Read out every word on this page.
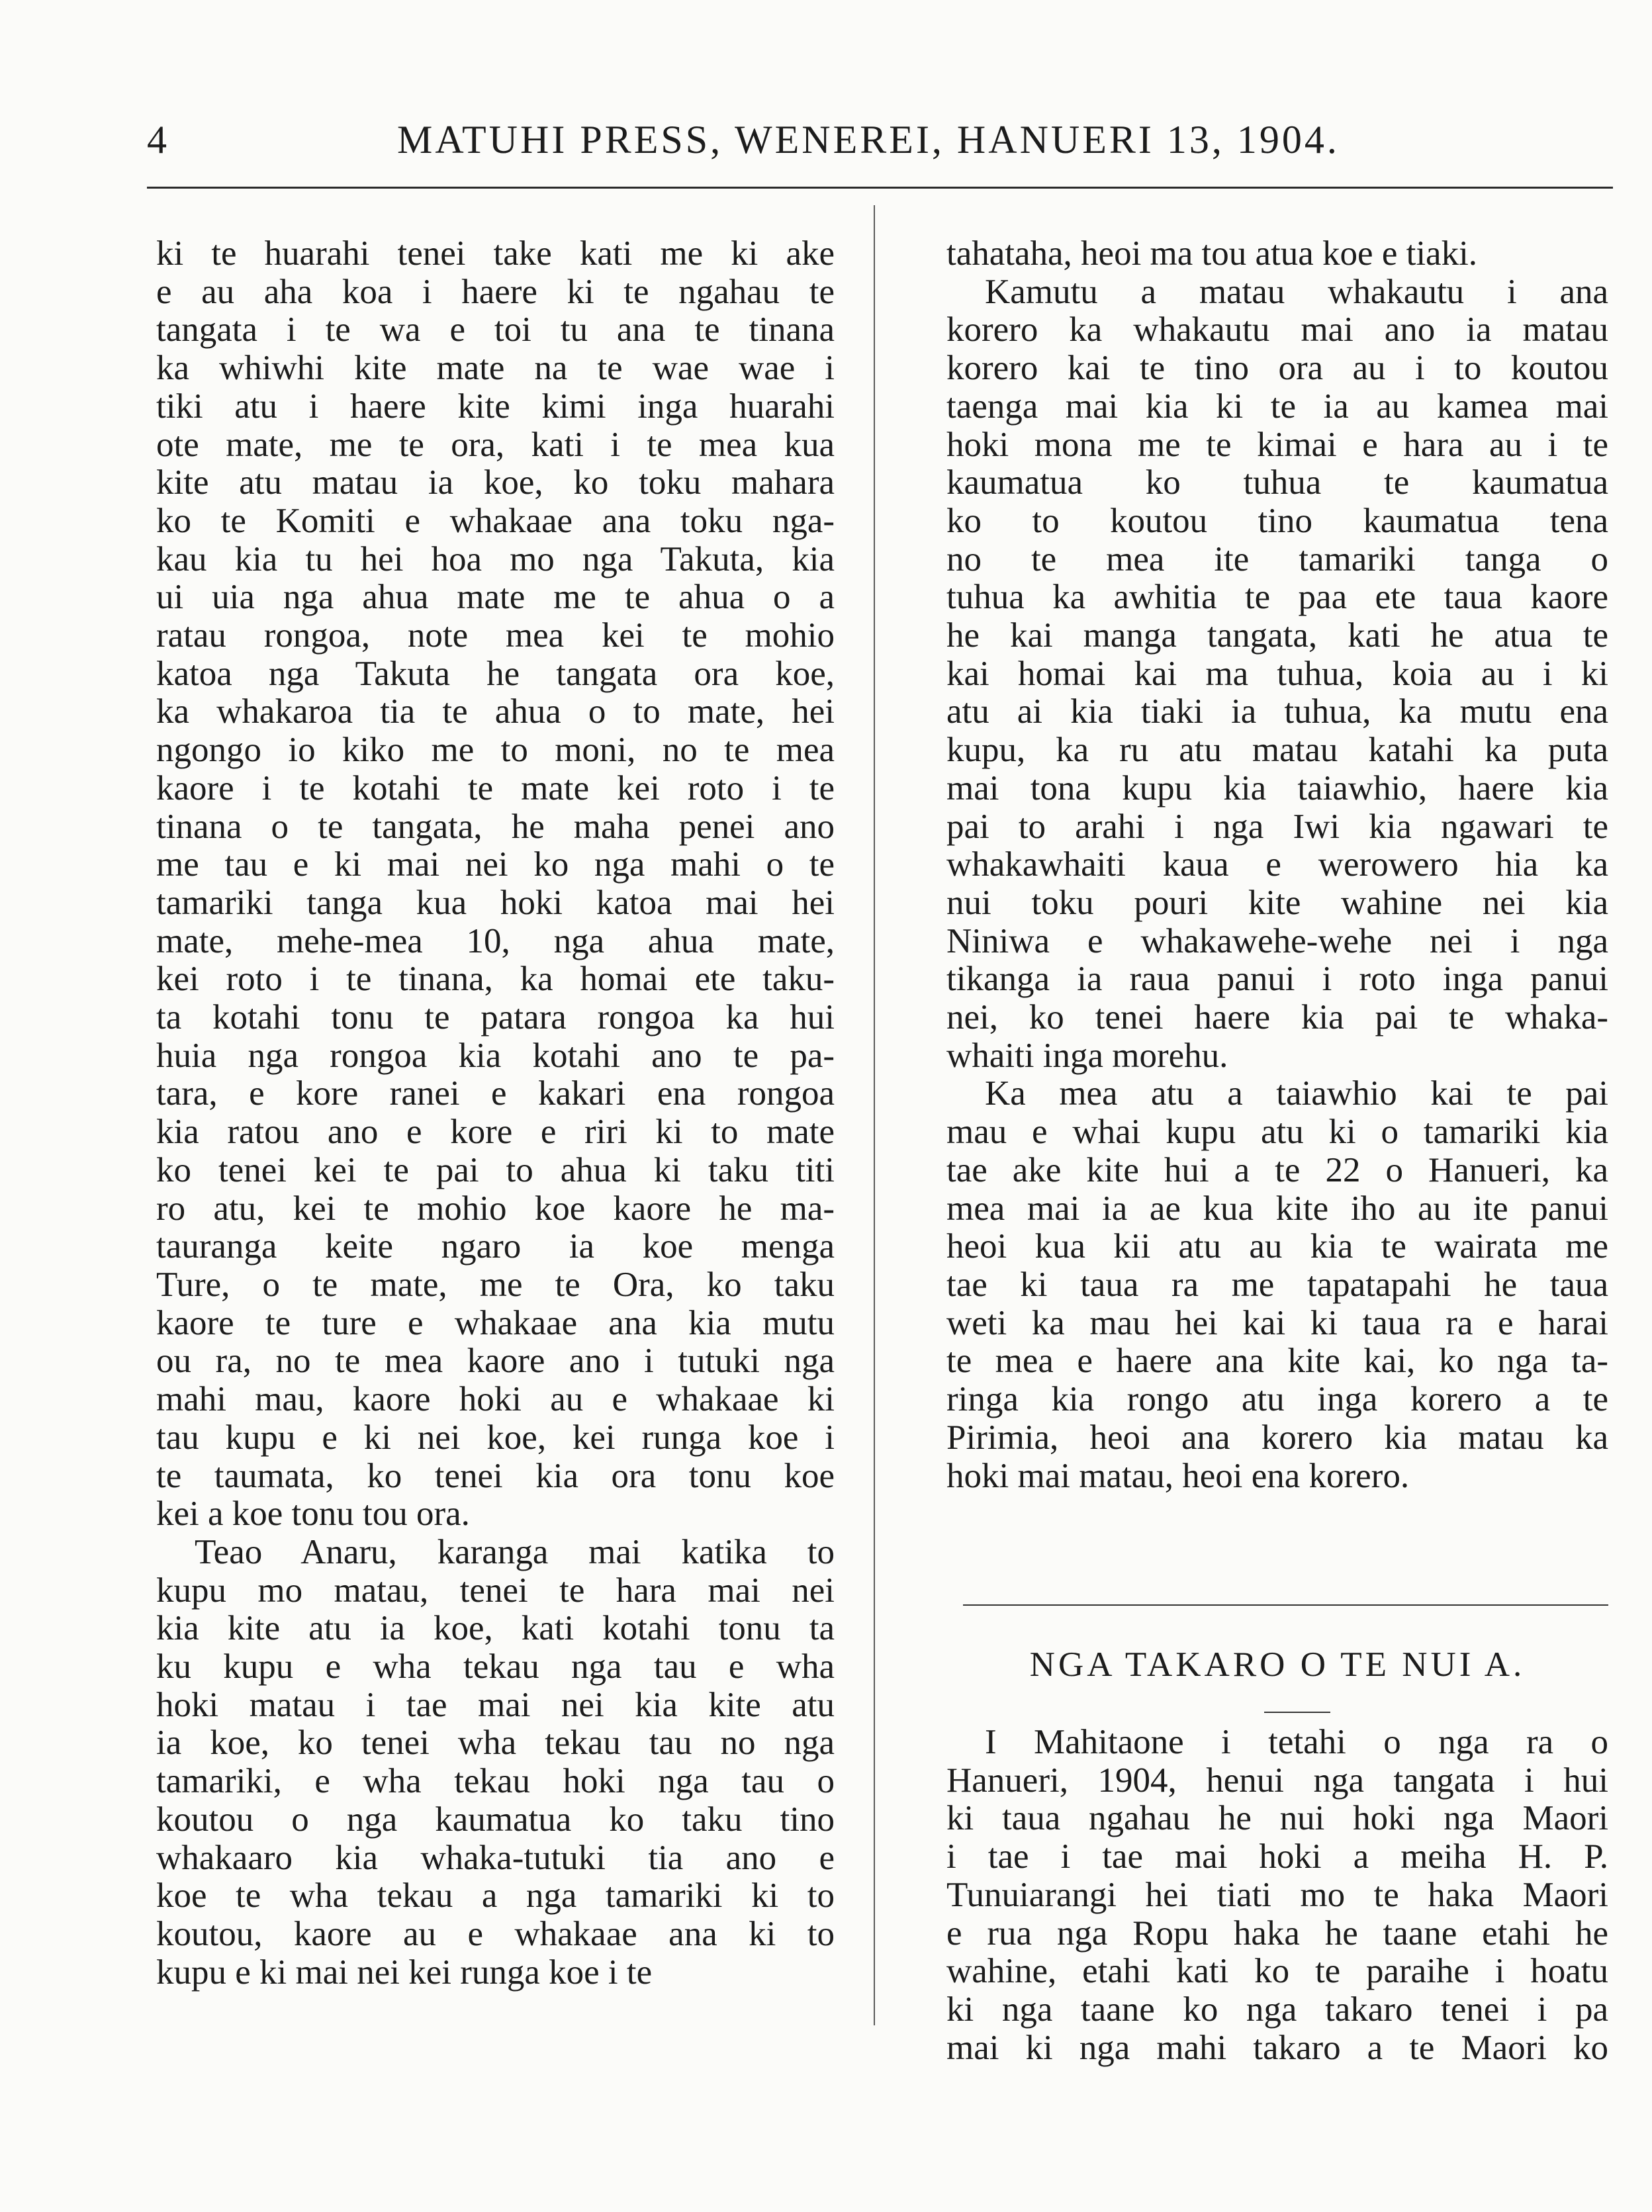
4	MATUHI PRESS, WENEREI, HANUERI 13, 1904.
ki te huarahi tenei take kati me ki ake
e au aha koa i haere ki te ngahau te
tangata i te wa e toi tu ana te tinana
ka whiwhi kite mate na te wae wae i
tiki atu i haere kite kimi inga huarahi
ote mate, me te ora, kati i te mea kua
kite atu matau ia koe, ko toku mahara
ko te Komiti e whakaae ana toku nga-
kau kia tu hei hoa mo nga Takuta, kia
ui uia nga ahua mate me te ahua o a
ratau rongoa, note mea kei te mohio
katoa nga Takuta he tangata ora koe,
ka whakaroa tia te ahua o to mate, hei
ngongo io kiko me to moni, no te mea
kaore i te kotahi te mate kei roto i te
tinana o te tangata, he maha penei ano
me tau e ki mai nei ko nga mahi o te
tamariki tanga kua hoki katoa mai hei
mate, mehe-mea 10, nga ahua mate,
kei roto i te tinana, ka homai ete taku-
ta kotahi tonu te patara rongoa ka hui
huia nga rongoa kia kotahi ano te pa-
tara, e kore ranei e kakari ena rongoa
kia ratou ano e kore e riri ki to mate
ko tenei kei te pai to ahua ki taku titi
ro atu, kei te mohio koe kaore he ma-
tauranga keite ngaro ia koe menga
Ture, o te mate, me te Ora, ko taku
kaore te ture e whakaae ana kia mutu
ou ra, no te mea kaore ano i tutuki nga
mahi mau, kaore hoki au e whakaae ki
tau kupu e ki nei koe, kei runga koe i
te taumata, ko tenei kia ora tonu koe
kei a koe tonu tou ora.
Teao Anaru, karanga mai katika to
kupu mo matau, tenei te hara mai nei
kia kite atu ia koe, kati kotahi tonu ta
ku kupu e wha tekau nga tau e wha
hoki matau i tae mai nei kia kite atu
ia koe, ko tenei wha tekau tau no nga
tamariki, e wha tekau hoki nga tau o
koutou o nga kaumatua ko taku tino
whakaaro kia whaka-tutuki tia ano e
koe te wha tekau a nga tamariki ki to
koutou, kaore au e whakaae ana ki to
kupu e ki mai nei kei runga koe i te
tahataha, heoi ma tou atua koe e tiaki.
Kamutu a matau whakautu i ana
korero ka whakautu mai ano ia matau
korero kai te tino ora au i to koutou
taenga mai kia ki te ia au kamea mai
hoki mona me te kimai e hara au i te
kaumatua ko tuhua te kaumatua
ko to koutou tino kaumatua tena
no te mea ite tamariki tanga o
tuhua ka awhitia te paa ete taua kaore
he kai manga tangata, kati he atua te
kai homai kai ma tuhua, koia au i ki
atu ai kia tiaki ia tuhua, ka mutu ena
kupu, ka ru atu matau katahi ka puta
mai tona kupu kia taiawhio, haere kia
pai to arahi i nga Iwi kia ngawari te
whakawhaiti kaua e werowero hia ka
nui toku pouri kite wahine nei kia
Niniwa e whakawehe-wehe nei i nga
tikanga ia raua panui i roto inga panui
nei, ko tenei haere kia pai te whaka-
whaiti inga morehu.
Ka mea atu a taiawhio kai te pai
mau e whai kupu atu ki o tamariki kia
tae ake kite hui a te 22 o Hanueri, ka
mea mai ia ae kua kite iho au ite panui
heoi kua kii atu au kia te wairata me
tae ki taua ra me tapatapahi he taua
weti ka mau hei kai ki taua ra e harai
te mea e haere ana kite kai, ko nga ta-
ringa kia rongo atu inga korero a te
Pirimia, heoi ana korero kia matau ka
hoki mai matau, heoi ena korero.
NGA TAKARO O TE NUI A.
I Mahitaone i tetahi o nga ra o
Hanueri, 1904, henui nga tangata i hui
ki taua ngahau he nui hoki nga Maori
i tae i tae mai hoki a meiha H. P.
Tunuiarangi hei tiati mo te haka Maori
e rua nga Ropu haka he taane etahi he
wahine, etahi kati ko te paraihe i hoatu
ki nga taane ko nga takaro tenei i pa
mai ki nga mahi takaro a te Maori ko
